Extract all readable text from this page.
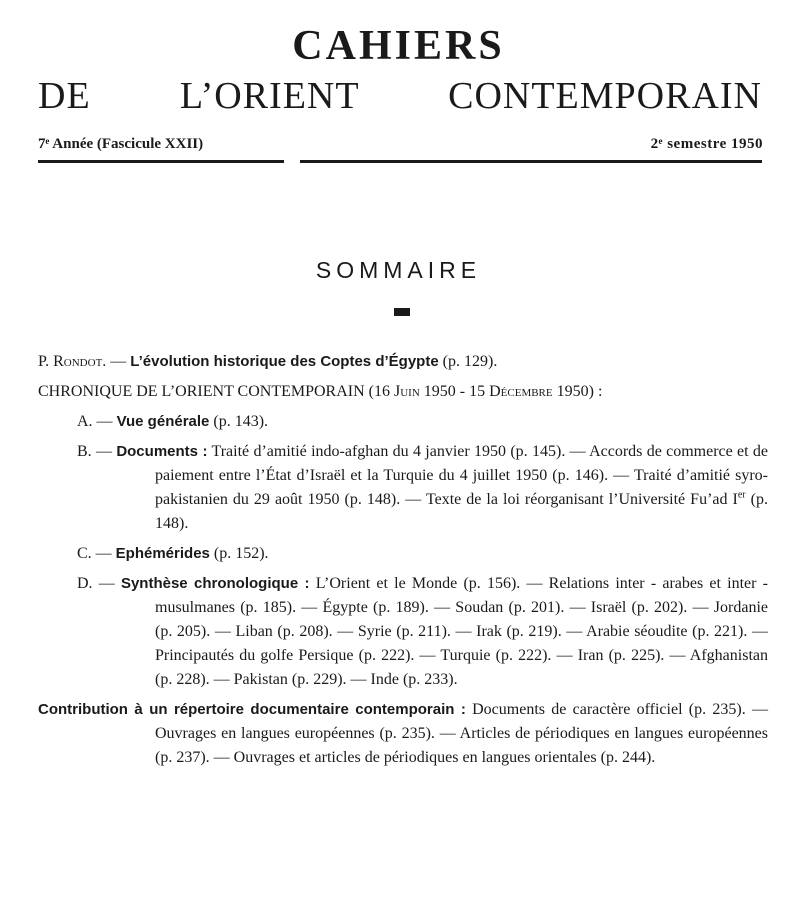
CAHIERS
DE L’ORIENT CONTEMPORAIN
7ᵉ Année (Fascicule XXII)	2ᵉ semestre 1950
SOMMAIRE

P. Rondot. — L’évolution historique des Coptes d’Égypte (p. 129).

CHRONIQUE DE L’ORIENT CONTEMPORAIN (16 Juin 1950 - 15 Décembre 1950) :

A. — Vue générale (p. 143).

B. — Documents : Traité d’amitié indo-afghan du 4 janvier 1950 (p. 145). — Accords de commerce et de paiement entre l’État d’Israël et la Turquie du 4 juillet 1950 (p. 146). — Traité d’amitié syro-pakistanien du 29 août 1950 (p. 148). — Texte de la loi réorganisant l’Université Fu’ad Ier (p. 148).

C. — Ephémérides (p. 152).

D. — Synthèse chronologique : L’Orient et le Monde (p. 156). — Relations inter - arabes et inter - musulmanes (p. 185). — Égypte (p. 189). — Soudan (p. 201). — Israël (p. 202). — Jordanie (p. 205). — Liban (p. 208). — Syrie (p. 211). — Irak (p. 219). — Arabie séoudite (p. 221). — Principautés du golfe Persique (p. 222). — Turquie (p. 222). — Iran (p. 225). — Afghanistan (p. 228). — Pakistan (p. 229). — Inde (p. 233).

Contribution à un répertoire documentaire contemporain : Documents de caractère officiel (p. 235). — Ouvrages en langues européennes (p. 235). — Articles de périodiques en langues européennes (p. 237). — Ouvrages et articles de périodiques en langues orientales (p. 244).
